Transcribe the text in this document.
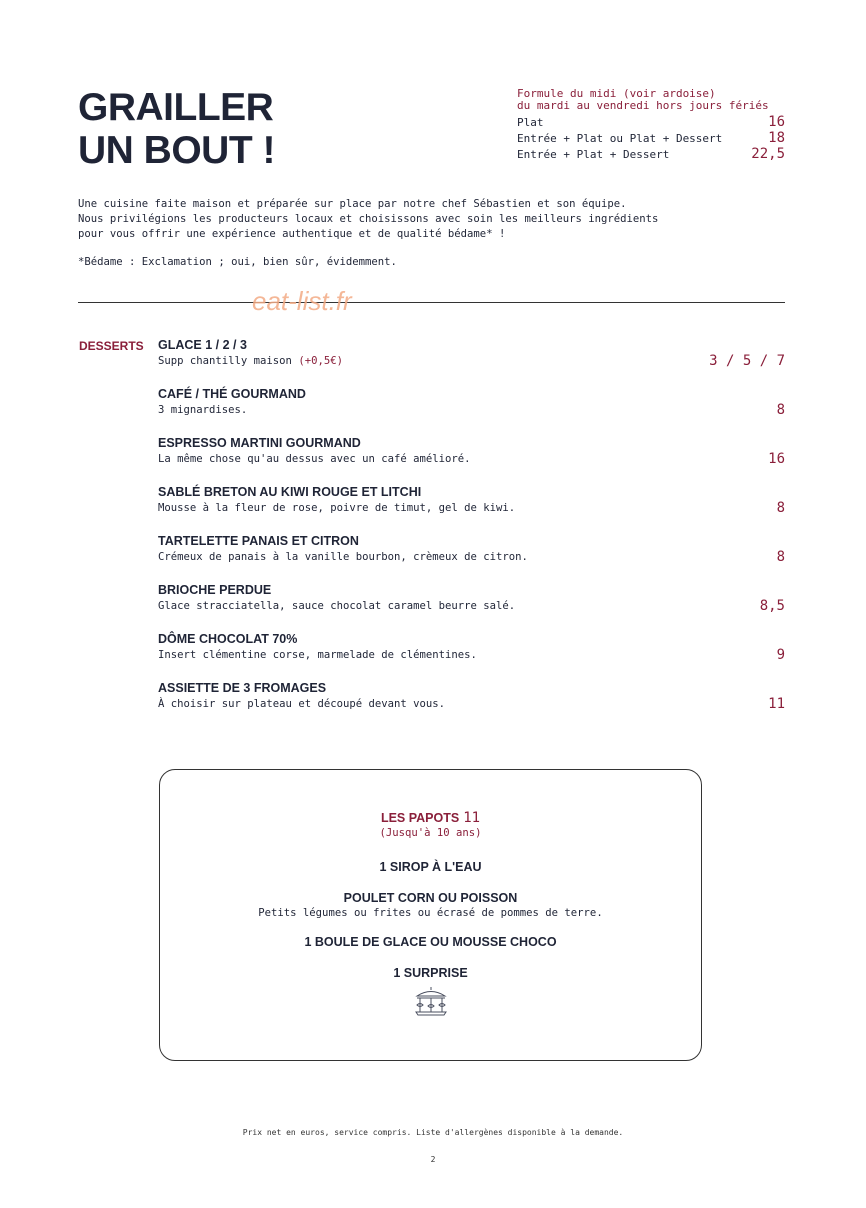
GRAILLER
UN BOUT !
Formule du midi (voir ardoise)
du mardi au vendredi hors jours fériés
Plat	16
Entrée + Plat ou Plat + Dessert	18
Entrée + Plat + Dessert	22,5

Une cuisine faite maison et préparée sur place par notre chef Sébastien et son équipe.

Nous privilégions les producteurs locaux et choisissons avec soin les meilleurs ingrédients

pour vous offrir une expérience authentique et de qualité bédame* !

*Bédame : Exclamation ; oui, bien sûr, évidemment.
eat-list.fr
DESSERTS GLACE 1 / 2 / 3
Supp chantilly maison (+0,5€)	3 / 5 / 7
CAFÉ / THÉ GOURMAND
3 mignardises.	8
ESPRESSO MARTINI GOURMAND
La même chose qu'au dessus avec un café amélioré.	16
SABLÉ BRETON AU KIWI ROUGE ET LITCHI
Mousse à la fleur de rose, poivre de timut, gel de kiwi.	8
TARTELETTE PANAIS ET CITRON
Crémeux de panais à la vanille bourbon, crèmeux de citron.	8
BRIOCHE PERDUE
Glace stracciatella, sauce chocolat caramel beurre salé.	8,5
DÔME CHOCOLAT 70%
Insert clémentine corse, marmelade de clémentines.	9
ASSIETTE DE 3 FROMAGES
À choisir sur plateau et découpé devant vous.	11
LES PAPOTS 11
(Jusqu'à 10 ans)
1 SIROP À L'EAU
POULET CORN OU POISSON
Petits légumes ou frites ou écrasé de pommes de terre.
1 BOULE DE GLACE OU MOUSSE CHOCO
1 SURPRISE
Prix net en euros, service compris. Liste d'allergènes disponible à la demande.
2
